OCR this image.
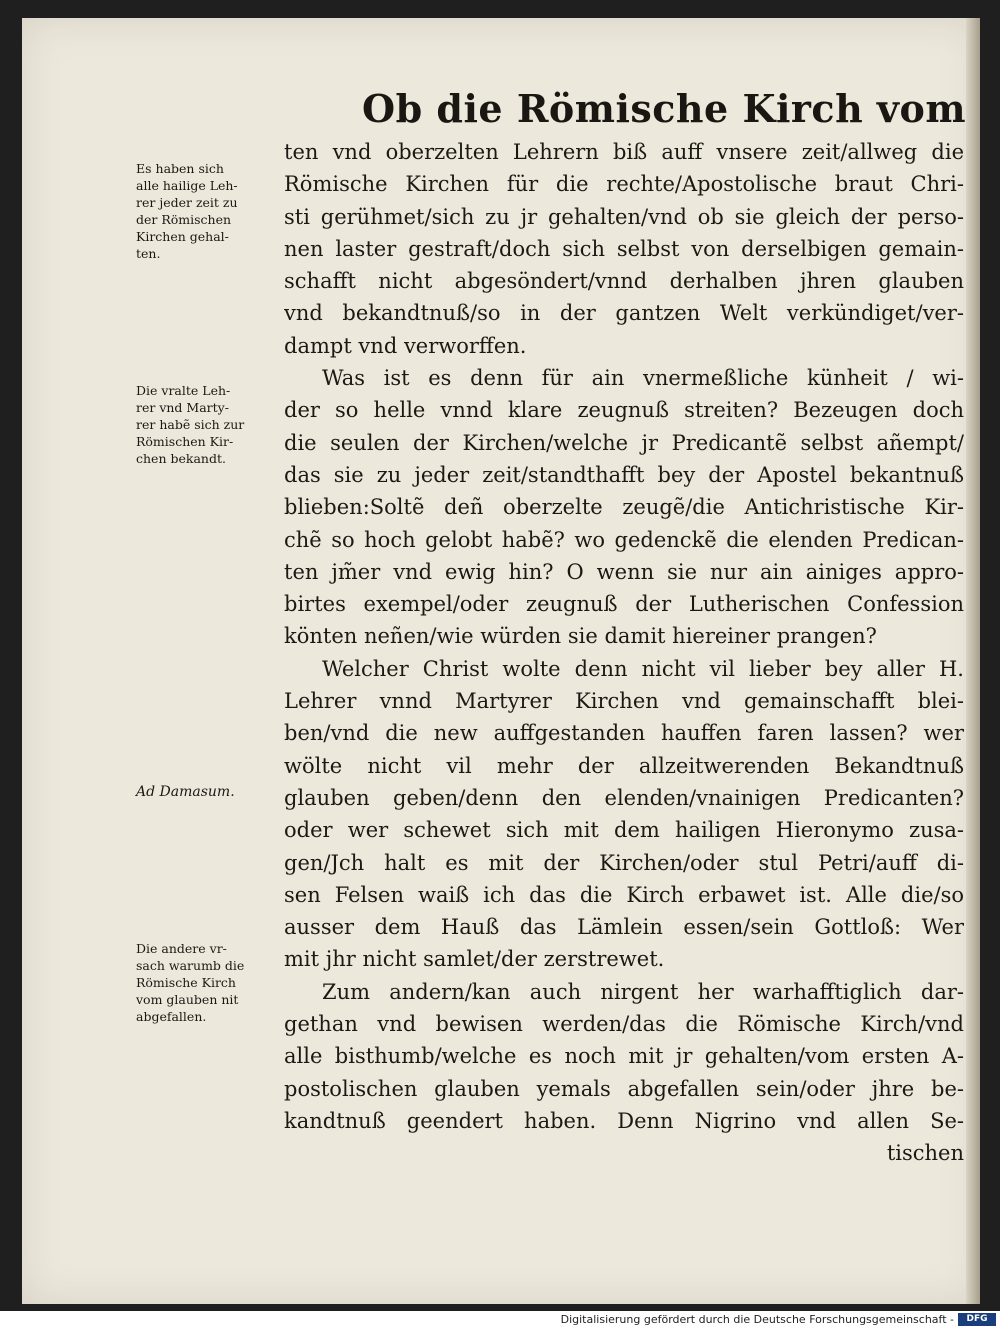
Ob die Römische Kirch vom
ten vnd oberzelten Lehrern biß auff vnsere zeit/allweg die
Römische Kirchen für die rechte/Apostolische braut Chri-
sti gerühmet/sich zu jr gehalten/vnd ob sie gleich der perso-
nen laster gestraft/doch sich selbst von derselbigen gemain-
schafft nicht abgesöndert/vnnd derhalben jhren glauben
vnd bekandtnuß/so in der gantzen Welt verkündiget/ver-
dampt vnd verworffen.
Was ist es denn für ain vnermeßliche künheit / wi-
der so helle vnnd klare zeugnuß streiten? Bezeugen doch
die seulen der Kirchen/welche jr Predicantẽ selbst añempt/
das sie zu jeder zeit/standthafft bey der Apostel bekantnuß
blieben:Soltẽ deñ oberzelte zeugẽ/die Antichristische Kir-
chẽ so hoch gelobt habẽ? wo gedenckẽ die elenden Predican-
ten jm̃er vnd ewig hin? O wenn sie nur ain ainiges appro-
birtes exempel/oder zeugnuß der Lutherischen Confession
könten neñen/wie würden sie damit hiereiner prangen?
Welcher Christ wolte denn nicht vil lieber bey aller H.
Lehrer vnnd Martyrer Kirchen vnd gemainschafft blei-
ben/vnd die new auffgestanden hauffen faren lassen? wer
wölte nicht vil mehr der allzeitwerenden Bekandtnuß
glauben geben/denn den elenden/vnainigen Predicanten?
oder wer schewet sich mit dem hailigen Hieronymo zusa-
gen/Jch halt es mit der Kirchen/oder stul Petri/auff di-
sen Felsen waiß ich das die Kirch erbawet ist. Alle die/so
ausser dem Hauß das Lämlein essen/sein Gottloß: Wer
mit jhr nicht samlet/der zerstrewet.
Zum andern/kan auch nirgent her warhafftiglich dar-
gethan vnd bewisen werden/das die Römische Kirch/vnd
alle bisthumb/welche es noch mit jr gehalten/vom ersten A-
postolischen glauben yemals abgefallen sein/oder jhre be-
kandtnuß geendert haben. Denn Nigrino vnd allen Se-
tischen
Es haben sich
alle hailige Leh-
rer jeder zeit zu
der Römischen
Kirchen gehal-
ten.
Die vralte Leh-
rer vnd Marty-
rer habẽ sich zur
Römischen Kir-
chen bekandt.
Ad Damasum.
Die andere vr-
sach warumb die
Römische Kirch
vom glauben nit
abgefallen.
Digitalisierung gefördert durch die Deutsche Forschungsgemeinschaft -	DFG
